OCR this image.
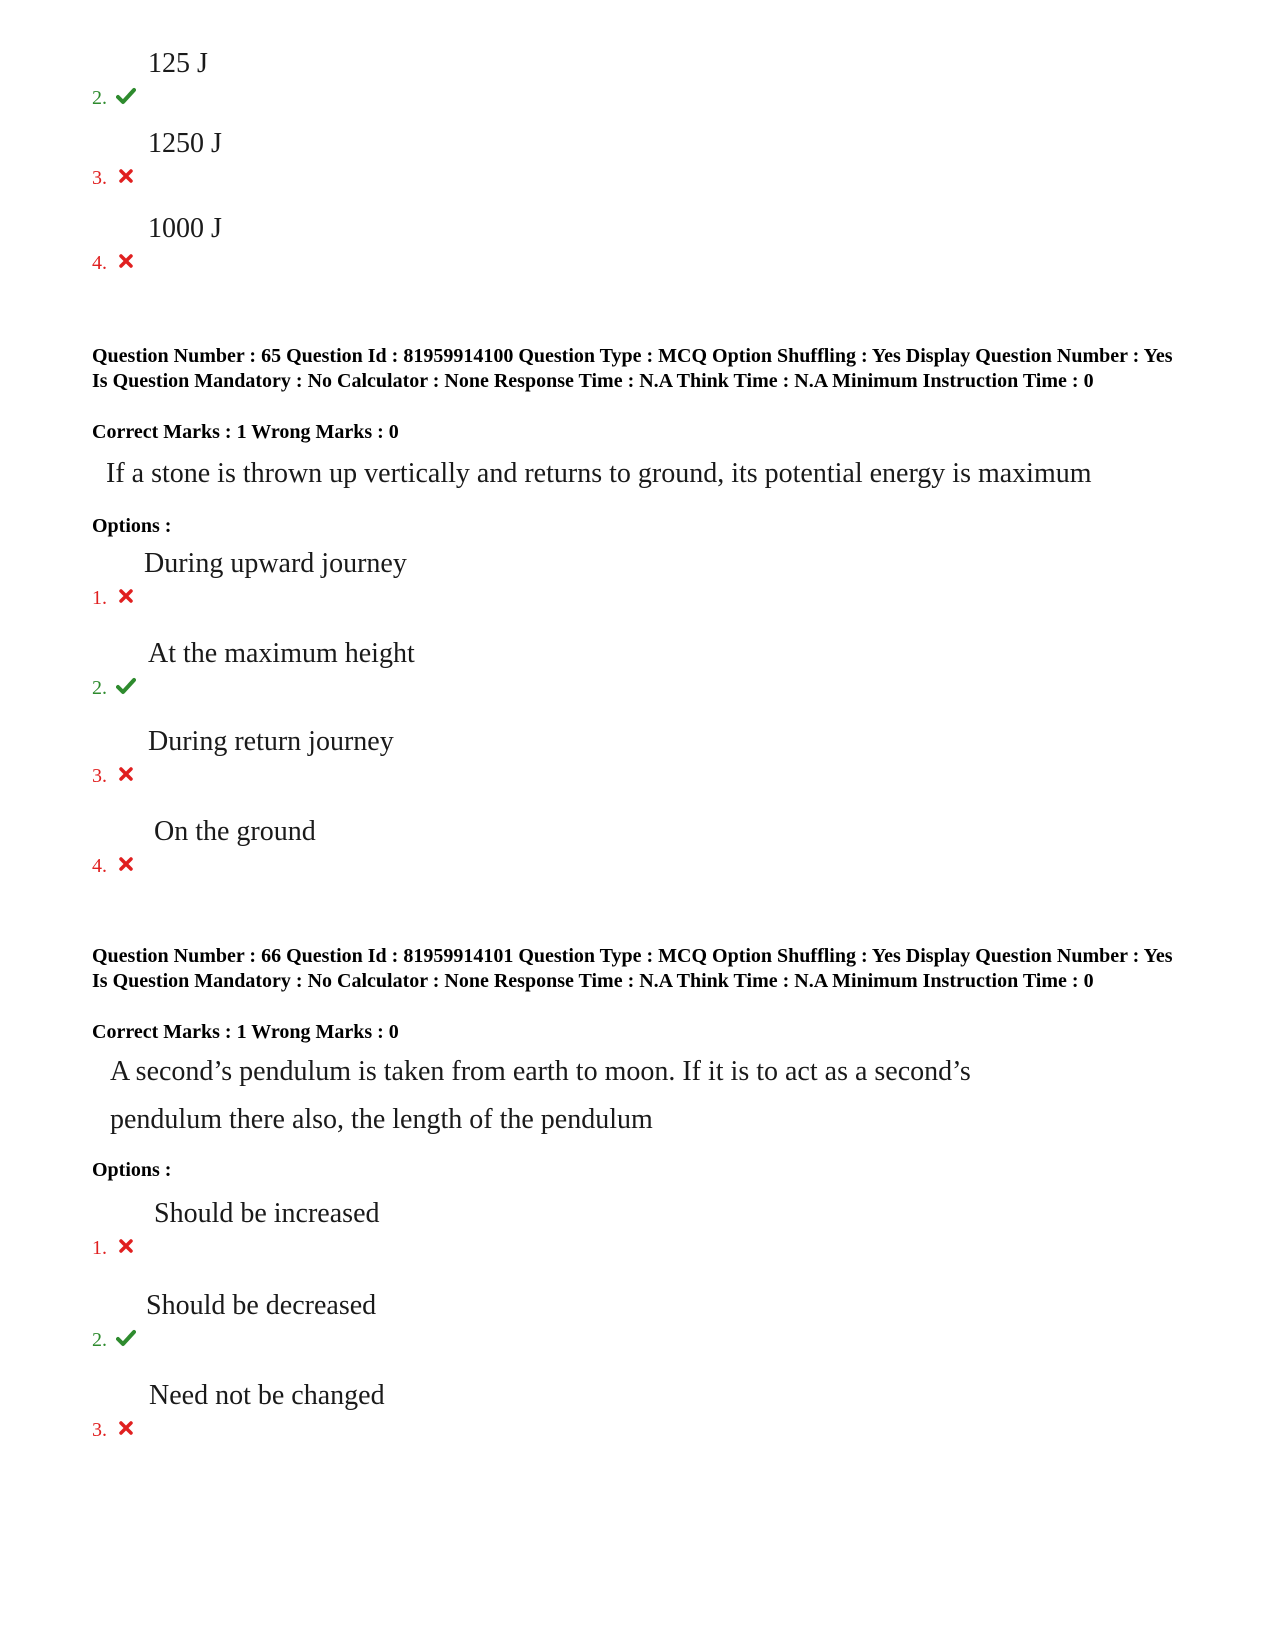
2.
125 J
3.
1250 J
4.
1000 J

Question Number : 65 Question Id : 81959914100 Question Type : MCQ Option Shuffling : Yes Display Question Number : Yes Is Question Mandatory : No Calculator : None Response Time : N.A Think Time : N.A Minimum Instruction Time : 0

Correct Marks : 1 Wrong Marks : 0

If a stone is thrown up vertically and returns to ground, its potential energy is maximum

Options :

1.
During upward journey
2.
At the maximum height
3.
During return journey
4.
On the ground

Question Number : 66 Question Id : 81959914101 Question Type : MCQ Option Shuffling : Yes Display Question Number : Yes Is Question Mandatory : No Calculator : None Response Time : N.A Think Time : N.A Minimum Instruction Time : 0

Correct Marks : 1 Wrong Marks : 0

A second’s pendulum is taken from earth to moon. If it is to act as a second’s

pendulum there also, the length of the pendulum

Options :

1.
Should be increased
2.
Should be decreased
3.
Need not be changed
